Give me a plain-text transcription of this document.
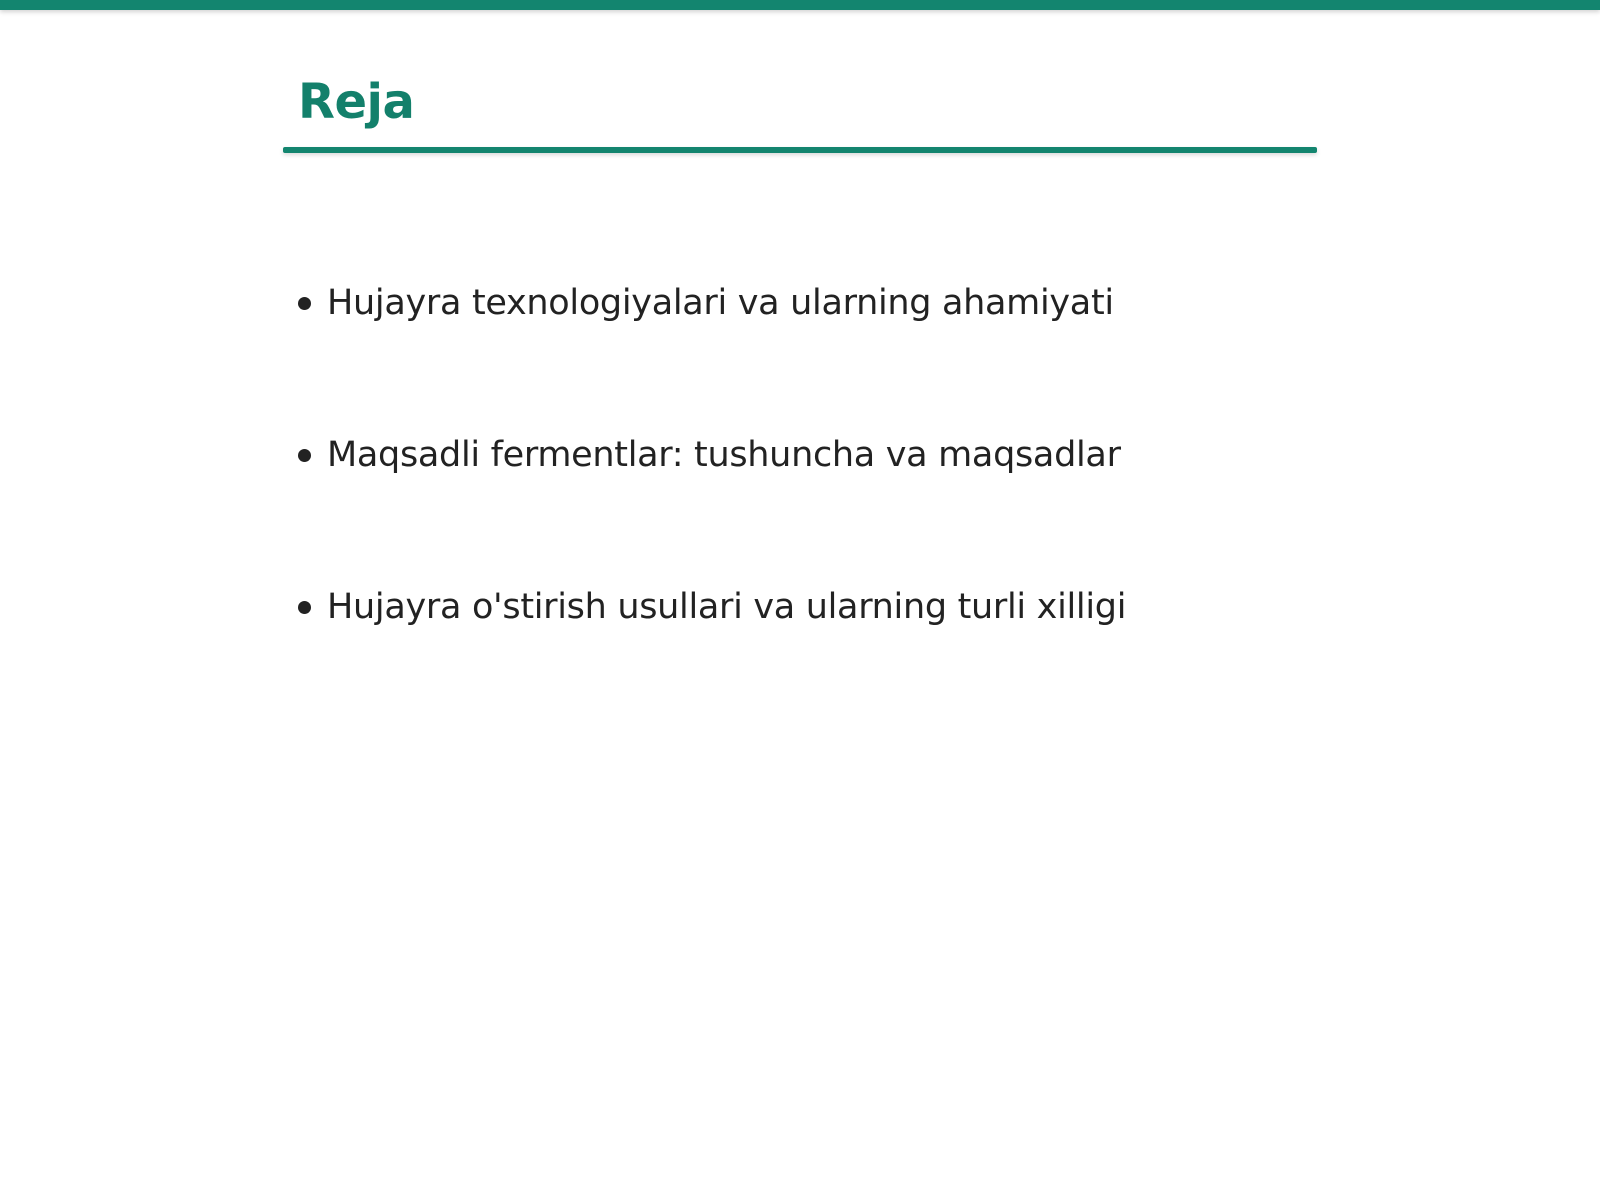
Reja
Hujayra texnologiyalari va ularning ahamiyati
Maqsadli fermentlar: tushuncha va maqsadlar
Hujayra o'stirish usullari va ularning turli xilligi
